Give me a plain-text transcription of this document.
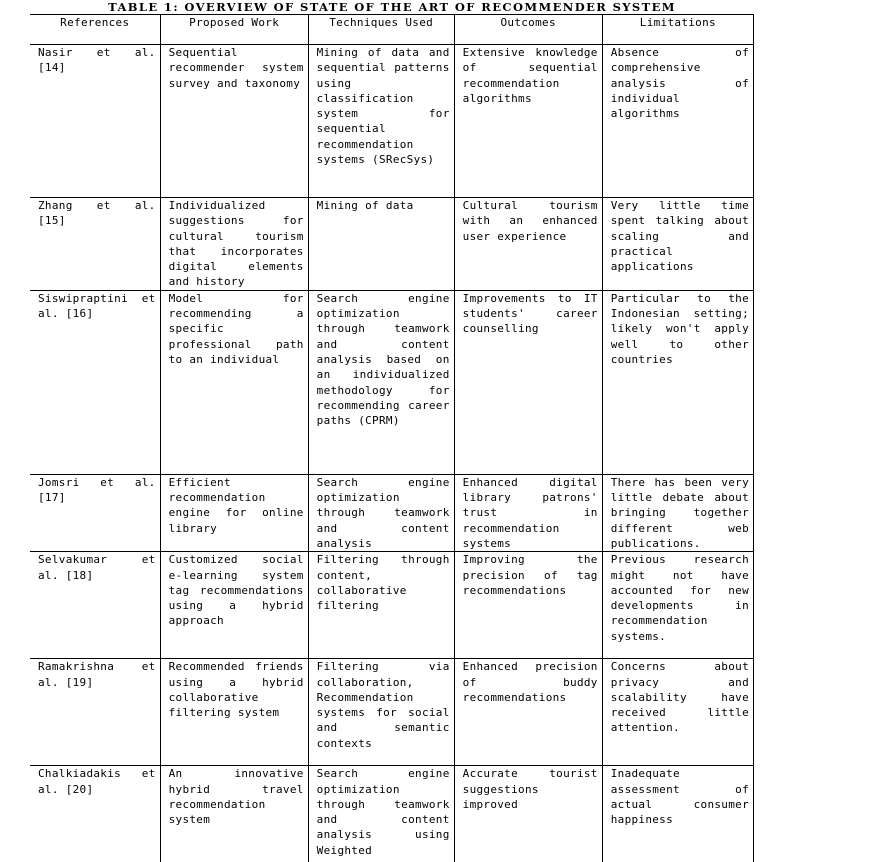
TABLE 1: OVERVIEW OF STATE OF THE ART OF RECOMMENDER SYSTEM
References	Proposed Work	Techniques Used	Outcomes	Limitations
Nasir et al. [14]	Sequential recommender system survey and taxonomy	Mining of data and sequential patterns using classification system for sequential recommendation systems (SRecSys)	Extensive knowledge of sequential recommendation algorithms	Absence of comprehensive analysis of individual algorithms
Zhang et al. [15]	Individualized suggestions for cultural tourism that incorporates digital elements and history	Mining of data	Cultural tourism with an enhanced user experience	Very little time spent talking about scaling and practical applications
Siswipraptini et al. [16]	Model for recommending a specific professional path to an individual	Search engine optimization through teamwork and content analysis based on an individualized methodology for recommending career paths (CPRM)	Improvements to IT students' career counselling	Particular to the Indonesian setting; likely won't apply well to other countries
Jomsri et al. [17]	Efficient recommendation engine for online library	Search engine optimization through teamwork and content analysis	Enhanced digital library patrons' trust in recommendation systems	There has been very little debate about bringing together different web publications.
Selvakumar et al. [18]	Customized social e-learning system tag recommendations using a hybrid approach	Filtering through content, collaborative filtering	Improving the precision of tag recommendations	Previous research might not have accounted for new developments in recommendation systems.
Ramakrishna et al. [19]	Recommended friends using a hybrid collaborative filtering system	Filtering via collaboration, Recommendation systems for social and semantic contexts	Enhanced precision of buddy recommendations	Concerns about privacy and scalability have received little attention.
Chalkiadakis et al. [20]	An innovative hybrid travel recommendation system	Search engine optimization through teamwork and content analysis using Weighted	Accurate tourist suggestions improved	Inadequate assessment of actual consumer happiness
